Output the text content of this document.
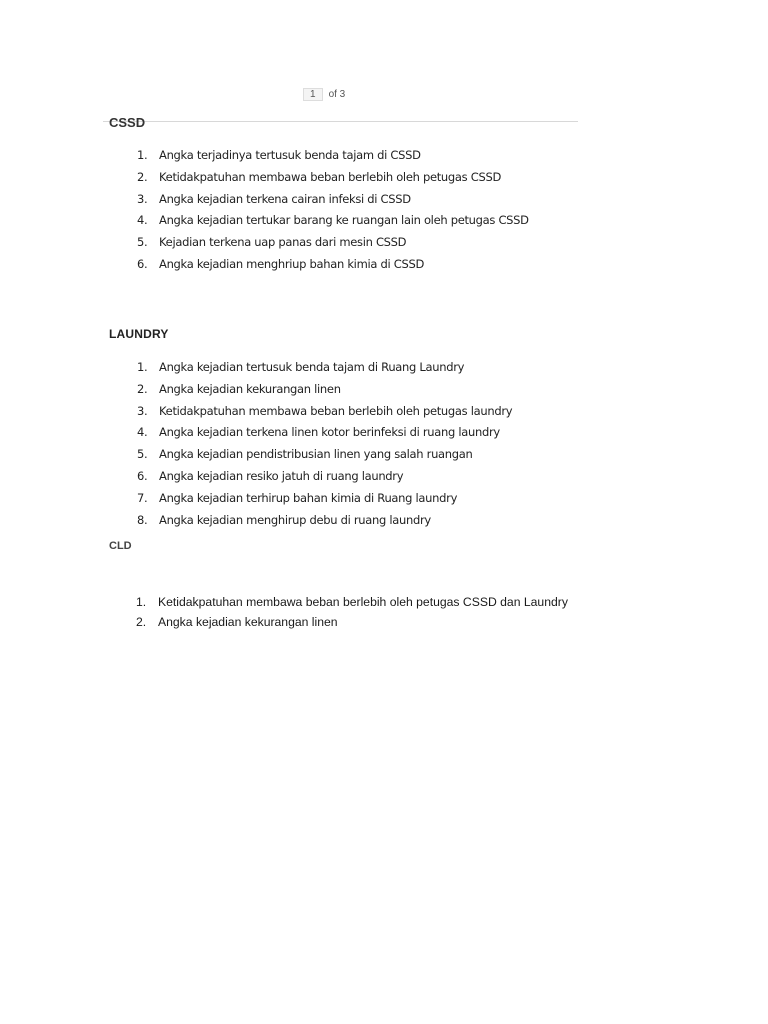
1 of 3
CSSD
1. Angka terjadinya tertusuk benda tajam di CSSD
2. Ketidakpatuhan membawa beban berlebih oleh petugas CSSD
3. Angka kejadian terkena cairan infeksi di CSSD
4. Angka kejadian tertukar barang ke ruangan lain oleh petugas CSSD
5. Kejadian terkena uap panas dari mesin CSSD
6. Angka kejadian menghriup bahan kimia di CSSD
LAUNDRY
1. Angka kejadian tertusuk benda tajam di Ruang Laundry
2. Angka kejadian kekurangan linen
3. Ketidakpatuhan membawa beban berlebih oleh petugas laundry
4. Angka kejadian terkena linen kotor berinfeksi di ruang laundry
5. Angka kejadian pendistribusian linen yang salah ruangan
6. Angka kejadian resiko jatuh di ruang laundry
7. Angka kejadian terhirup bahan kimia di Ruang laundry
8. Angka kejadian menghirup debu di ruang laundry
CLD
1. Ketidakpatuhan membawa beban berlebih oleh petugas CSSD dan Laundry
2. Angka kejadian kekurangan linen
